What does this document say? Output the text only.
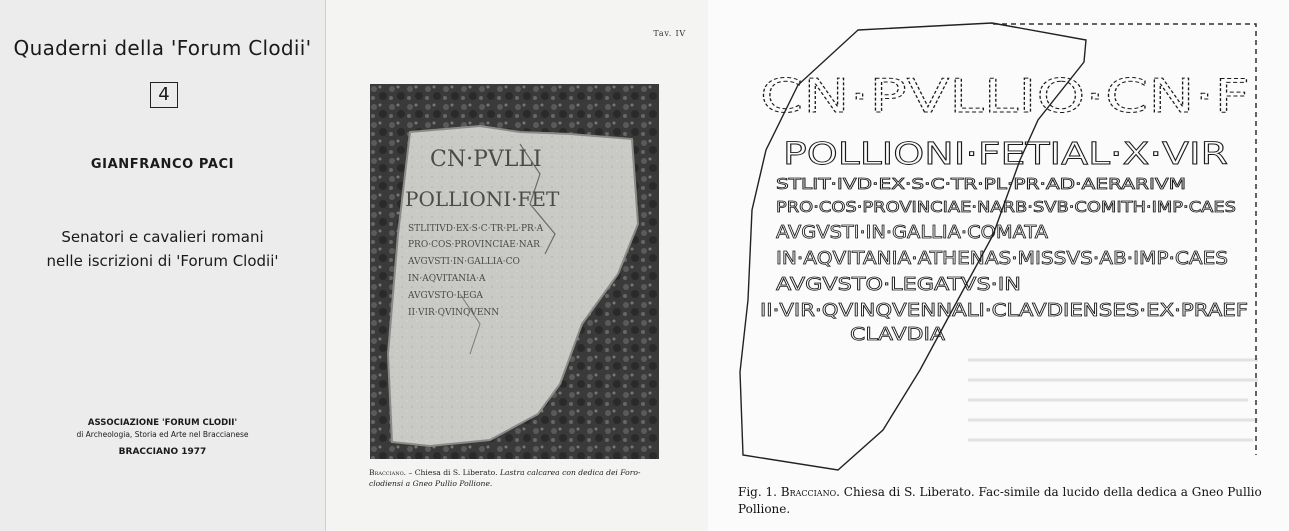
Quaderni della 'Forum Clodii'
4
GIANFRANCO PACI
Senatori e cavalieri romani
nelle iscrizioni di 'Forum Clodii'
ASSOCIAZIONE 'FORUM CLODII'
di Archeologia, Storia ed Arte nel Braccianese
BRACCIANO 1977
Tav. IV
CN·PVLLI
POLLIONI·FET
STLITIVD·EX·S·C·TR·PL·PR·A
PRO·COS·PROVINCIAE·NAR
AVGVSTI·IN·GALLIA·CO
IN·AQVITANIA·A
AVGVSTO·LEGA
II·VIR·QVINQVENN
Bracciano. – Chiesa di S. Liberato. Lastra calcarea con dedica dei Foro-clodiensi a Gneo Pullio Pollione.
CN·PVLLIO·CN·F
POLLIONI·FETIAL·X·VIR
STLIT·IVD·EX·S·C·TR·PL·PR·AD·AERARIVM
PRO·COS·PROVINCIAE·NARB·SVB·COMITH·IMP·CAES
AVGVSTI·IN·GALLIA·COMATA
IN·AQVITANIA·ATHENAS·MISSVS·AB·IMP·CAES
AVGVSTO·LEGATVS·IN
II·VIR·QVINQVENNALI·CLAVDIENSES·EX·PRAEF
CLAVDIA
Fig. 1. Bracciano. Chiesa di S. Liberato. Fac-simile da lucido della dedica a Gneo Pullio Pollione.
